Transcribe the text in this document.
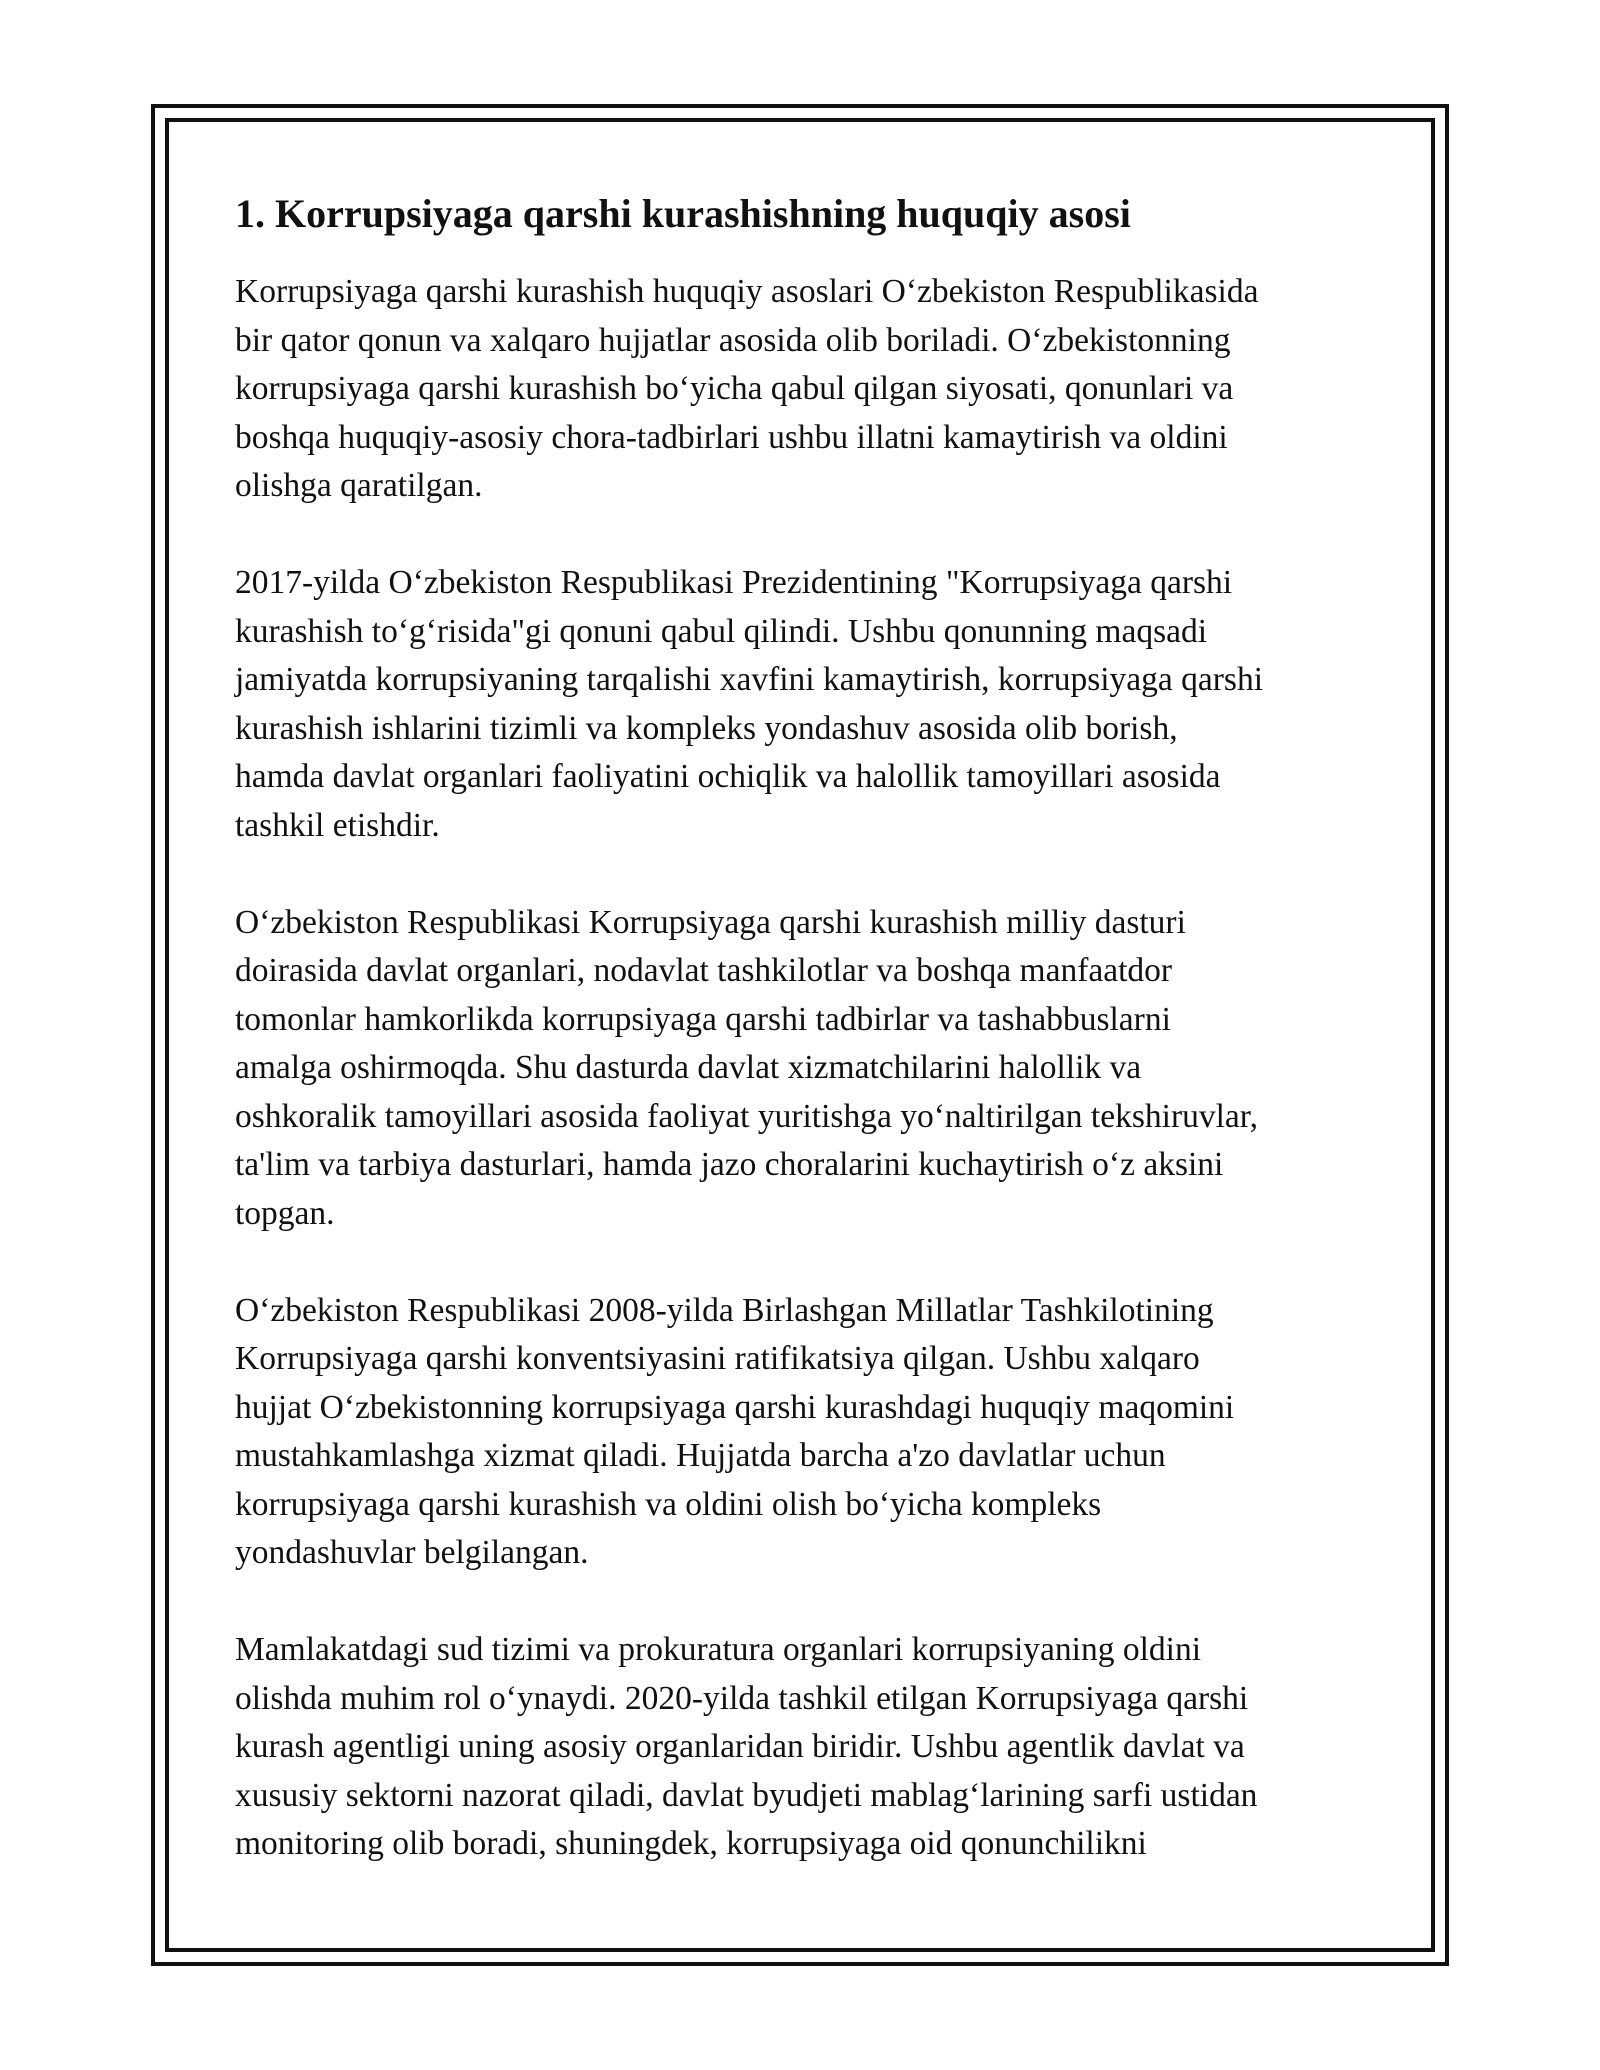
1. Korrupsiyaga qarshi kurashishning huquqiy asosi

Korrupsiyaga qarshi kurashish huquqiy asoslari O‘zbekiston Respublikasida
bir qator qonun va xalqaro hujjatlar asosida olib boriladi. O‘zbekistonning
korrupsiyaga qarshi kurashish bo‘yicha qabul qilgan siyosati, qonunlari va
boshqa huquqiy-asosiy chora-tadbirlari ushbu illatni kamaytirish va oldini
olishga qaratilgan.

2017-yilda O‘zbekiston Respublikasi Prezidentining "Korrupsiyaga qarshi
kurashish to‘g‘risida"gi qonuni qabul qilindi. Ushbu qonunning maqsadi
jamiyatda korrupsiyaning tarqalishi xavfini kamaytirish, korrupsiyaga qarshi
kurashish ishlarini tizimli va kompleks yondashuv asosida olib borish,
hamda davlat organlari faoliyatini ochiqlik va halollik tamoyillari asosida
tashkil etishdir.

O‘zbekiston Respublikasi Korrupsiyaga qarshi kurashish milliy dasturi
doirasida davlat organlari, nodavlat tashkilotlar va boshqa manfaatdor
tomonlar hamkorlikda korrupsiyaga qarshi tadbirlar va tashabbuslarni
amalga oshirmoqda. Shu dasturda davlat xizmatchilarini halollik va
oshkoralik tamoyillari asosida faoliyat yuritishga yo‘naltirilgan tekshiruvlar,
ta'lim va tarbiya dasturlari, hamda jazo choralarini kuchaytirish o‘z aksini
topgan.

O‘zbekiston Respublikasi 2008-yilda Birlashgan Millatlar Tashkilotining
Korrupsiyaga qarshi konventsiyasini ratifikatsiya qilgan. Ushbu xalqaro
hujjat O‘zbekistonning korrupsiyaga qarshi kurashdagi huquqiy maqomini
mustahkamlashga xizmat qiladi. Hujjatda barcha a'zo davlatlar uchun
korrupsiyaga qarshi kurashish va oldini olish bo‘yicha kompleks
yondashuvlar belgilangan.

Mamlakatdagi sud tizimi va prokuratura organlari korrupsiyaning oldini
olishda muhim rol o‘ynaydi. 2020-yilda tashkil etilgan Korrupsiyaga qarshi
kurash agentligi uning asosiy organlaridan biridir. Ushbu agentlik davlat va
xususiy sektorni nazorat qiladi, davlat byudjeti mablag‘larining sarfi ustidan
monitoring olib boradi, shuningdek, korrupsiyaga oid qonunchilikni
